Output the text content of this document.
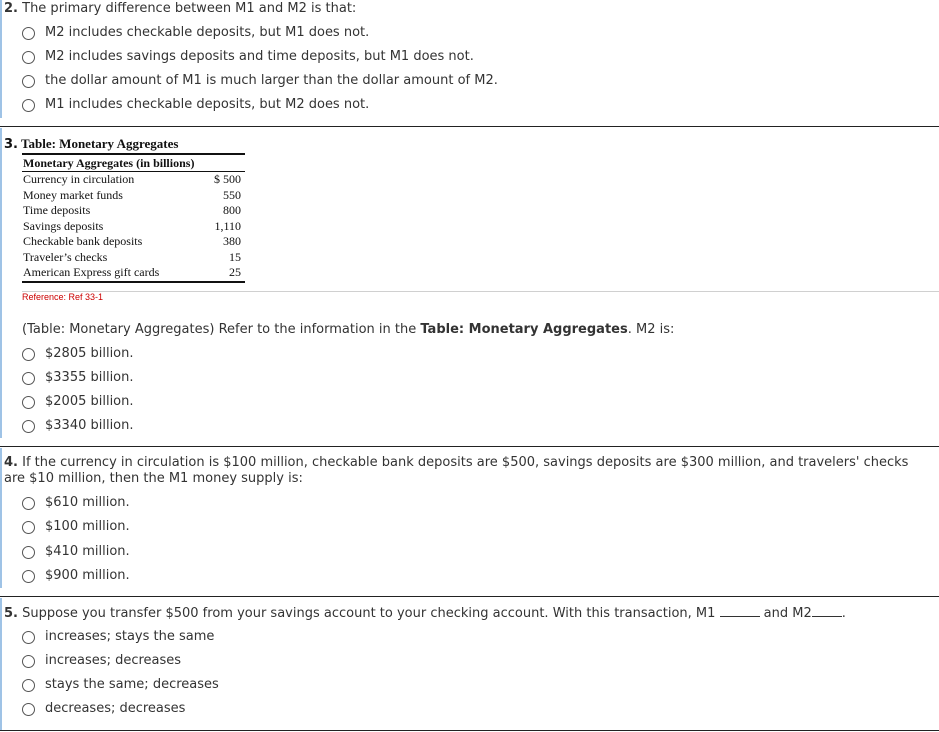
2. The primary difference between M1 and M2 is that:
M2 includes checkable deposits, but M1 does not.
M2 includes savings deposits and time deposits, but M1 does not.
the dollar amount of M1 is much larger than the dollar amount of M2.
M1 includes checkable deposits, but M2 does not.
3. Table: Monetary Aggregates
Monetary Aggregates (in billions)
Currency in circulation	$ 500
Money market funds	550
Time deposits	800
Savings deposits	1,110
Checkable bank deposits	380
Traveler’s checks	15
American Express gift cards	25
Reference: Ref 33-1
(Table: Monetary Aggregates) Refer to the information in the Table: Monetary Aggregates. M2 is:
$2805 billion.
$3355 billion.
$2005 billion.
$3340 billion.
4. If the currency in circulation is $100 million, checkable bank deposits are $500, savings deposits are $300 million, and travelers' checks are $10 million, then the M1 money supply is:
$610 million.
$100 million.
$410 million.
$900 million.
5. Suppose you transfer $500 from your savings account to your checking account. With this transaction, M1	and M2 .
increases; stays the same
increases; decreases
stays the same; decreases
decreases; decreases
